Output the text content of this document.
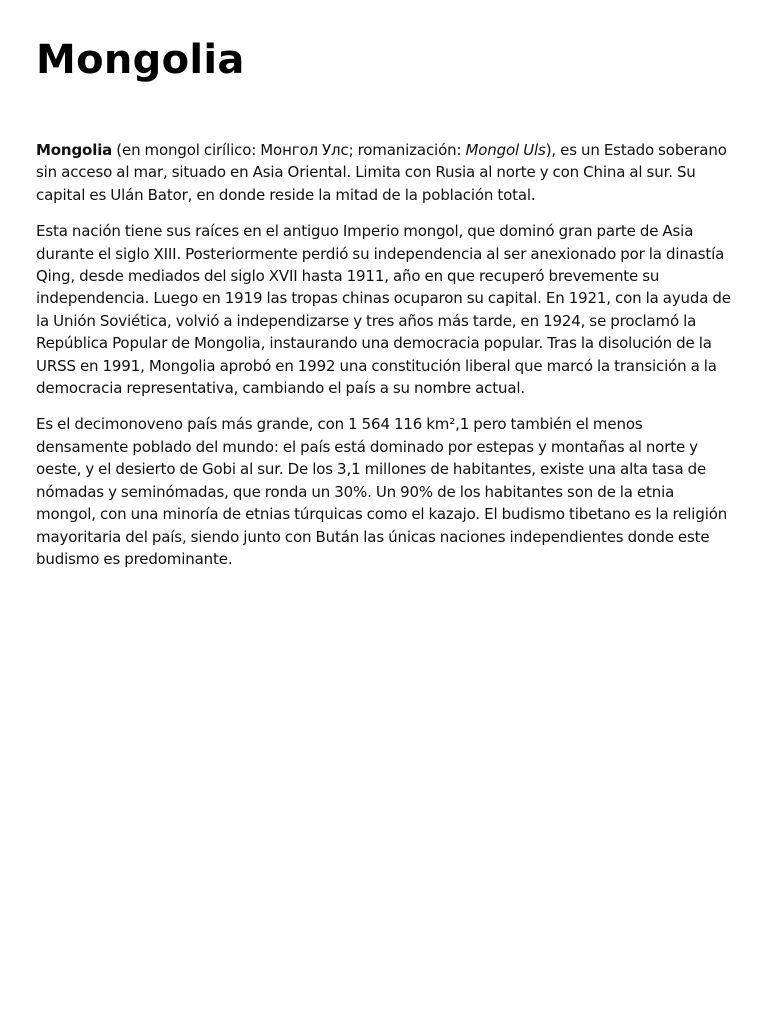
Mongolia

Mongolia (en mongol cirílico: Монгол Улс; romanización: Mongol Uls), es un Estado soberano sin acceso al mar, situado en Asia Oriental. Limita con Rusia al norte y con China al sur. Su capital es Ulán Bator, en donde reside la mitad de la población total.

Esta nación tiene sus raíces en el antiguo Imperio mongol, que dominó gran parte de Asia durante el siglo XIII. Posteriormente perdió su independencia al ser anexionado por la dinastía Qing, desde mediados del siglo XVII hasta 1911, año en que recuperó brevemente su independencia. Luego en 1919 las tropas chinas ocuparon su capital. En 1921, con la ayuda de la Unión Soviética, volvió a independizarse y tres años más tarde, en 1924, se proclamó la República Popular de Mongolia, instaurando una democracia popular. Tras la disolución de la URSS en 1991, Mongolia aprobó en 1992 una constitución liberal que marcó la transición a la democracia representativa, cambiando el país a su nombre actual.

Es el decimonoveno país más grande, con 1 564 116 km²,1 pero también el menos densamente poblado del mundo: el país está dominado por estepas y montañas al norte y oeste, y el desierto de Gobi al sur. De los 3,1 millones de habitantes, existe una alta tasa de nómadas y seminómadas, que ronda un 30%. Un 90% de los habitantes son de la etnia mongol, con una minoría de etnias túrquicas como el kazajo. El budismo tibetano es la religión mayoritaria del país, siendo junto con Bután las únicas naciones independientes donde este budismo es predominante.
